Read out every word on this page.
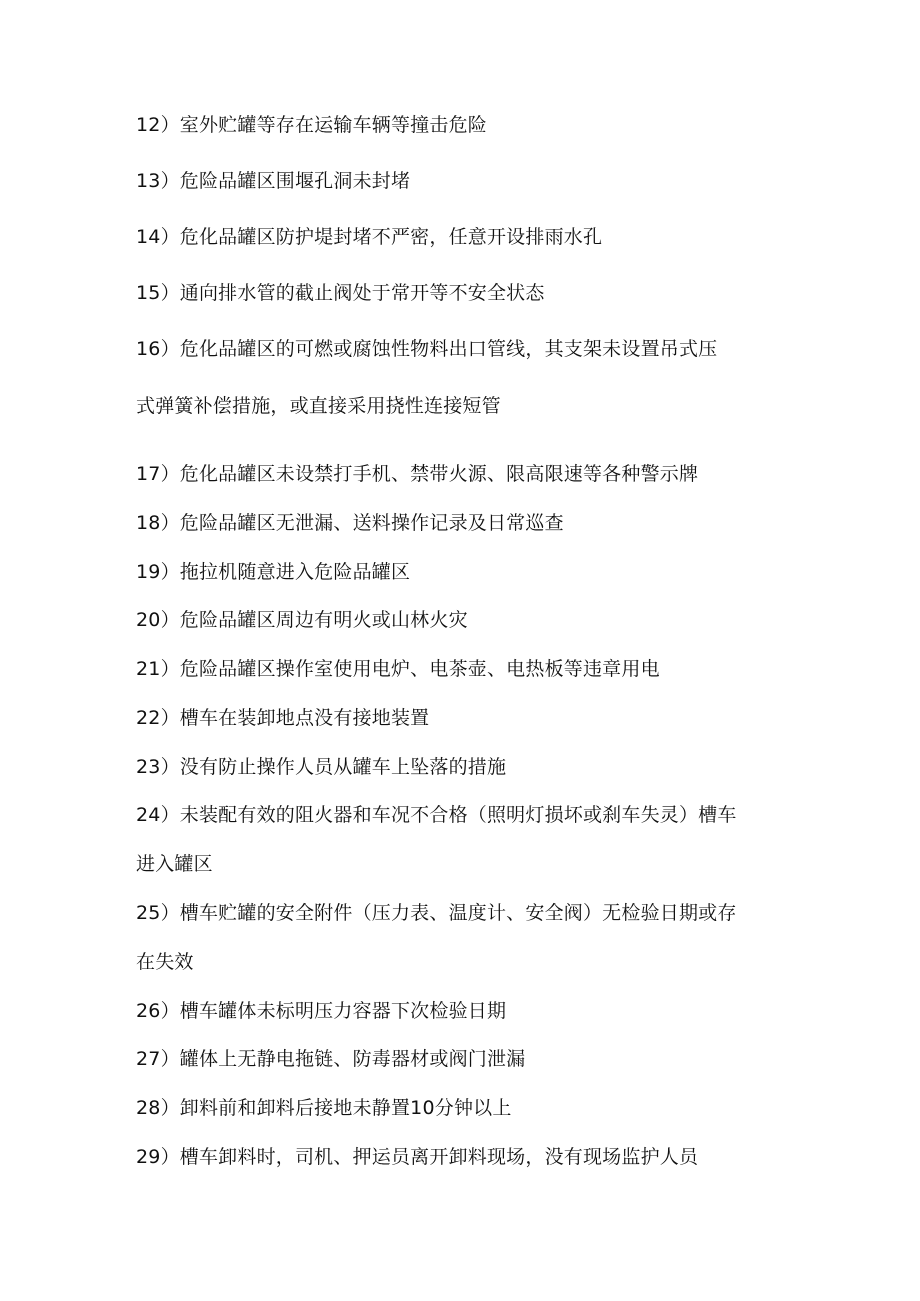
12）室外贮罐等存在运输车辆等撞击危险
13）危险品罐区围堰孔洞未封堵
14）危化品罐区防护堤封堵不严密，任意开设排雨水孔
15）通向排水管的截止阀处于常开等不安全状态
16）危化品罐区的可燃或腐蚀性物料出口管线，其支架未设置吊式压
式弹簧补偿措施，或直接采用挠性连接短管
17）危化品罐区未设禁打手机、禁带火源、限高限速等各种警示牌
18）危险品罐区无泄漏、送料操作记录及日常巡查
19）拖拉机随意进入危险品罐区
20）危险品罐区周边有明火或山林火灾
21）危险品罐区操作室使用电炉、电茶壶、电热板等违章用电
22）槽车在装卸地点没有接地装置
23）没有防止操作人员从罐车上坠落的措施
24）未装配有效的阻火器和车况不合格（照明灯损坏或刹车失灵）槽车
进入罐区
25）槽车贮罐的安全附件（压力表、温度计、安全阀）无检验日期或存
在失效
26）槽车罐体未标明压力容器下次检验日期
27）罐体上无静电拖链、防毒器材或阀门泄漏
28）卸料前和卸料后接地未静置10分钟以上
29）槽车卸料时，司机、押运员离开卸料现场，没有现场监护人员
